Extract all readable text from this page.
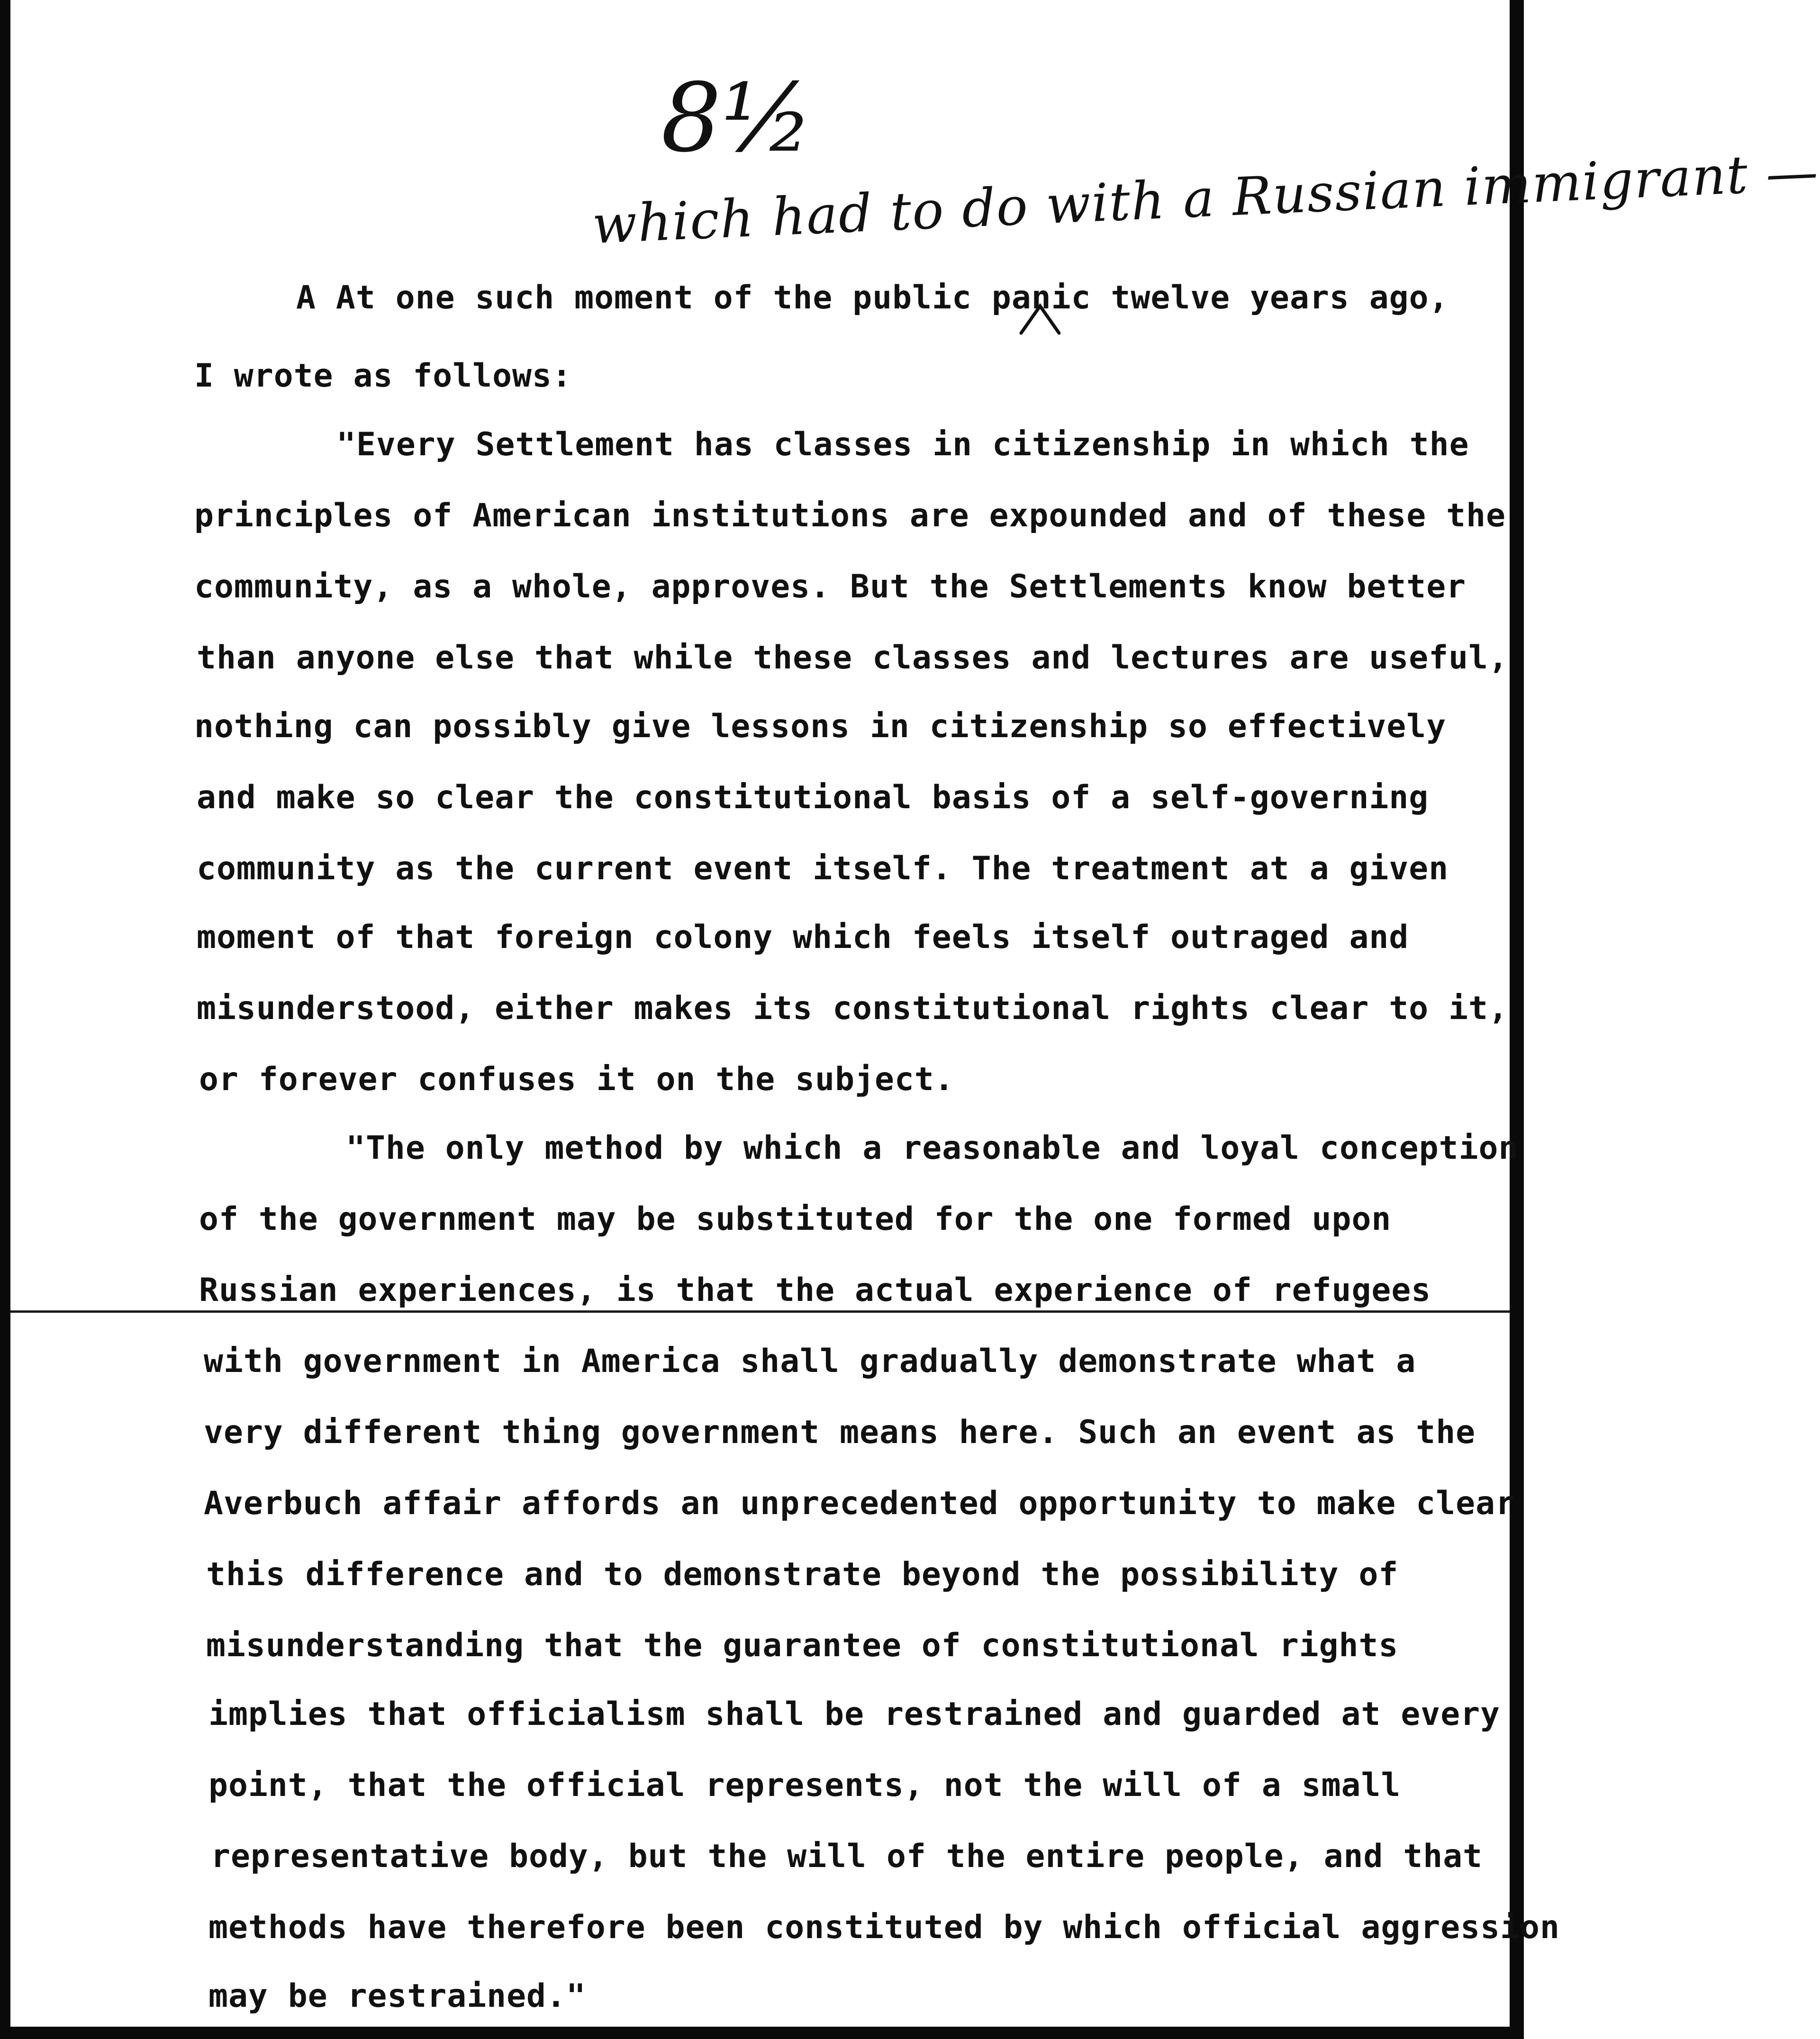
8½
which had to do with a Russian immigrant —
A At one such moment of the public panic twelve years ago,
I wrote as follows:
"Every Settlement has classes in citizenship in which the
principles of American institutions are expounded and of these the
community, as a whole, approves. But the Settlements know better
than anyone else that while these classes and lectures are useful,
nothing can possibly give lessons in citizenship so effectively
and make so clear the constitutional basis of a self-governing
community as the current event itself. The treatment at a given
moment of that foreign colony which feels itself outraged and
misunderstood, either makes its constitutional rights clear to it,
or forever confuses it on the subject.
"The only method by which a reasonable and loyal conception
of the government may be substituted for the one formed upon
Russian experiences, is that the actual experience of refugees
with government in America shall gradually demonstrate what a
very different thing government means here. Such an event as the
Averbuch affair affords an unprecedented opportunity to make clear
this difference and to demonstrate beyond the possibility of
misunderstanding that the guarantee of constitutional rights
implies that officialism shall be restrained and guarded at every
point, that the official represents, not the will of a small
representative body, but the will of the entire people, and that
methods have therefore been constituted by which official aggression
may be restrained."
